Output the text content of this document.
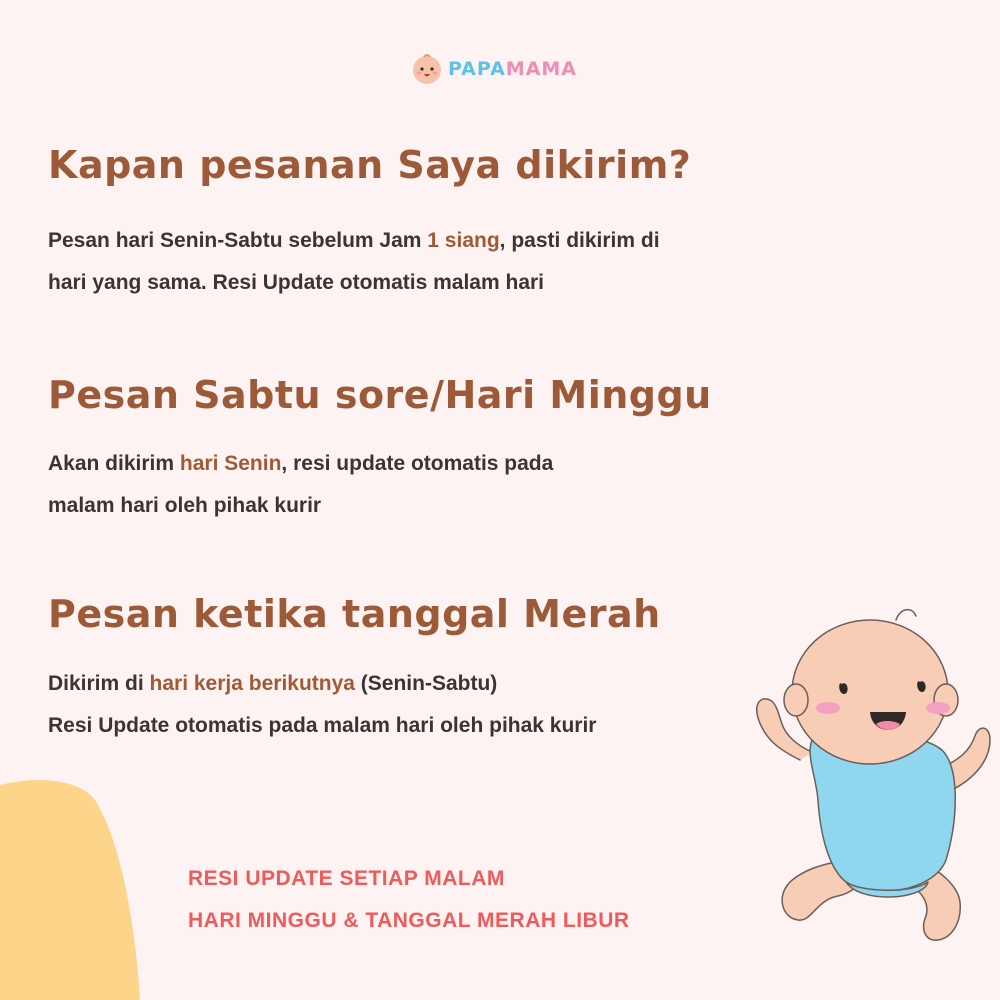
PAPA MAMA
Kapan pesanan Saya dikirim?
Pesan hari Senin-Sabtu sebelum Jam 1 siang, pasti dikirim di
hari yang sama. Resi Update otomatis malam hari
Pesan Sabtu sore/Hari Minggu
Akan dikirim hari Senin, resi update otomatis pada
malam hari oleh pihak kurir
Pesan ketika tanggal Merah
Dikirim di hari kerja berikutnya (Senin-Sabtu)
Resi Update otomatis pada malam hari oleh pihak kurir
RESI UPDATE SETIAP MALAM
HARI MINGGU & TANGGAL MERAH LIBUR
